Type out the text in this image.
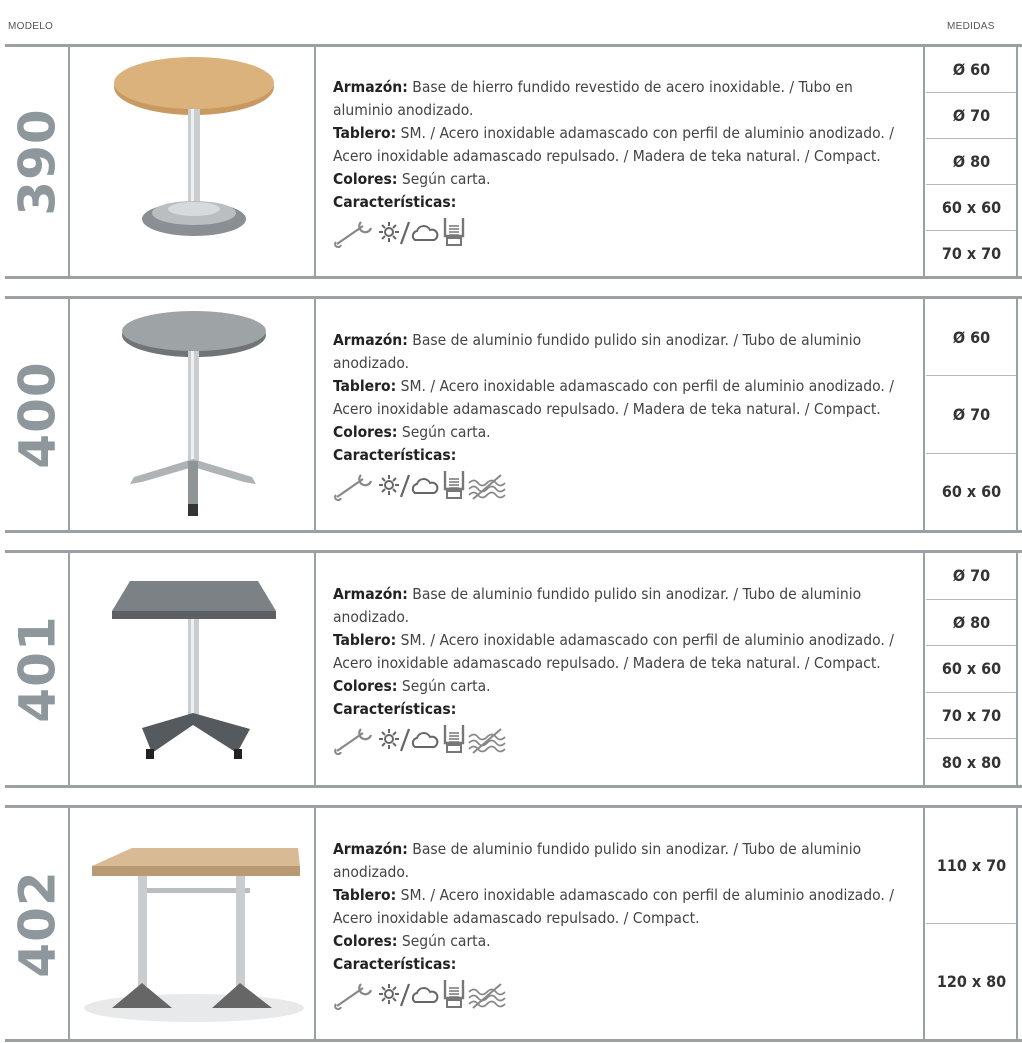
MODELO	MEDIDAS
390
Armazón: Base de hierro fundido revestido de acero inoxidable. / Tubo en aluminio anodizado.
Tablero: SM. / Acero inoxidable adamascado con perfil de aluminio anodizado. / Acero inoxidable adamascado repulsado. / Madera de teka natural. / Compact.
Colores: Según carta.
Características:
Ø 60
Ø 70
Ø 80
60 x 60
70 x 70
400
Armazón: Base de aluminio fundido pulido sin anodizar. / Tubo de aluminio anodizado.
Tablero: SM. / Acero inoxidable adamascado con perfil de aluminio anodizado. / Acero inoxidable adamascado repulsado. / Madera de teka natural. / Compact.
Colores: Según carta.
Características:
Ø 60
Ø 70
60 x 60
401
Armazón: Base de aluminio fundido pulido sin anodizar. / Tubo de aluminio anodizado.
Tablero: SM. / Acero inoxidable adamascado con perfil de aluminio anodizado. / Acero inoxidable adamascado repulsado. / Madera de teka natural. / Compact.
Colores: Según carta.
Características:
Ø 70
Ø 80
60 x 60
70 x 70
80 x 80
402
Armazón: Base de aluminio fundido pulido sin anodizar. / Tubo de aluminio anodizado.
Tablero: SM. / Acero inoxidable adamascado con perfil de aluminio anodizado. / Acero inoxidable adamascado repulsado. / Compact.
Colores: Según carta.
Características:
110 x 70
120 x 80
